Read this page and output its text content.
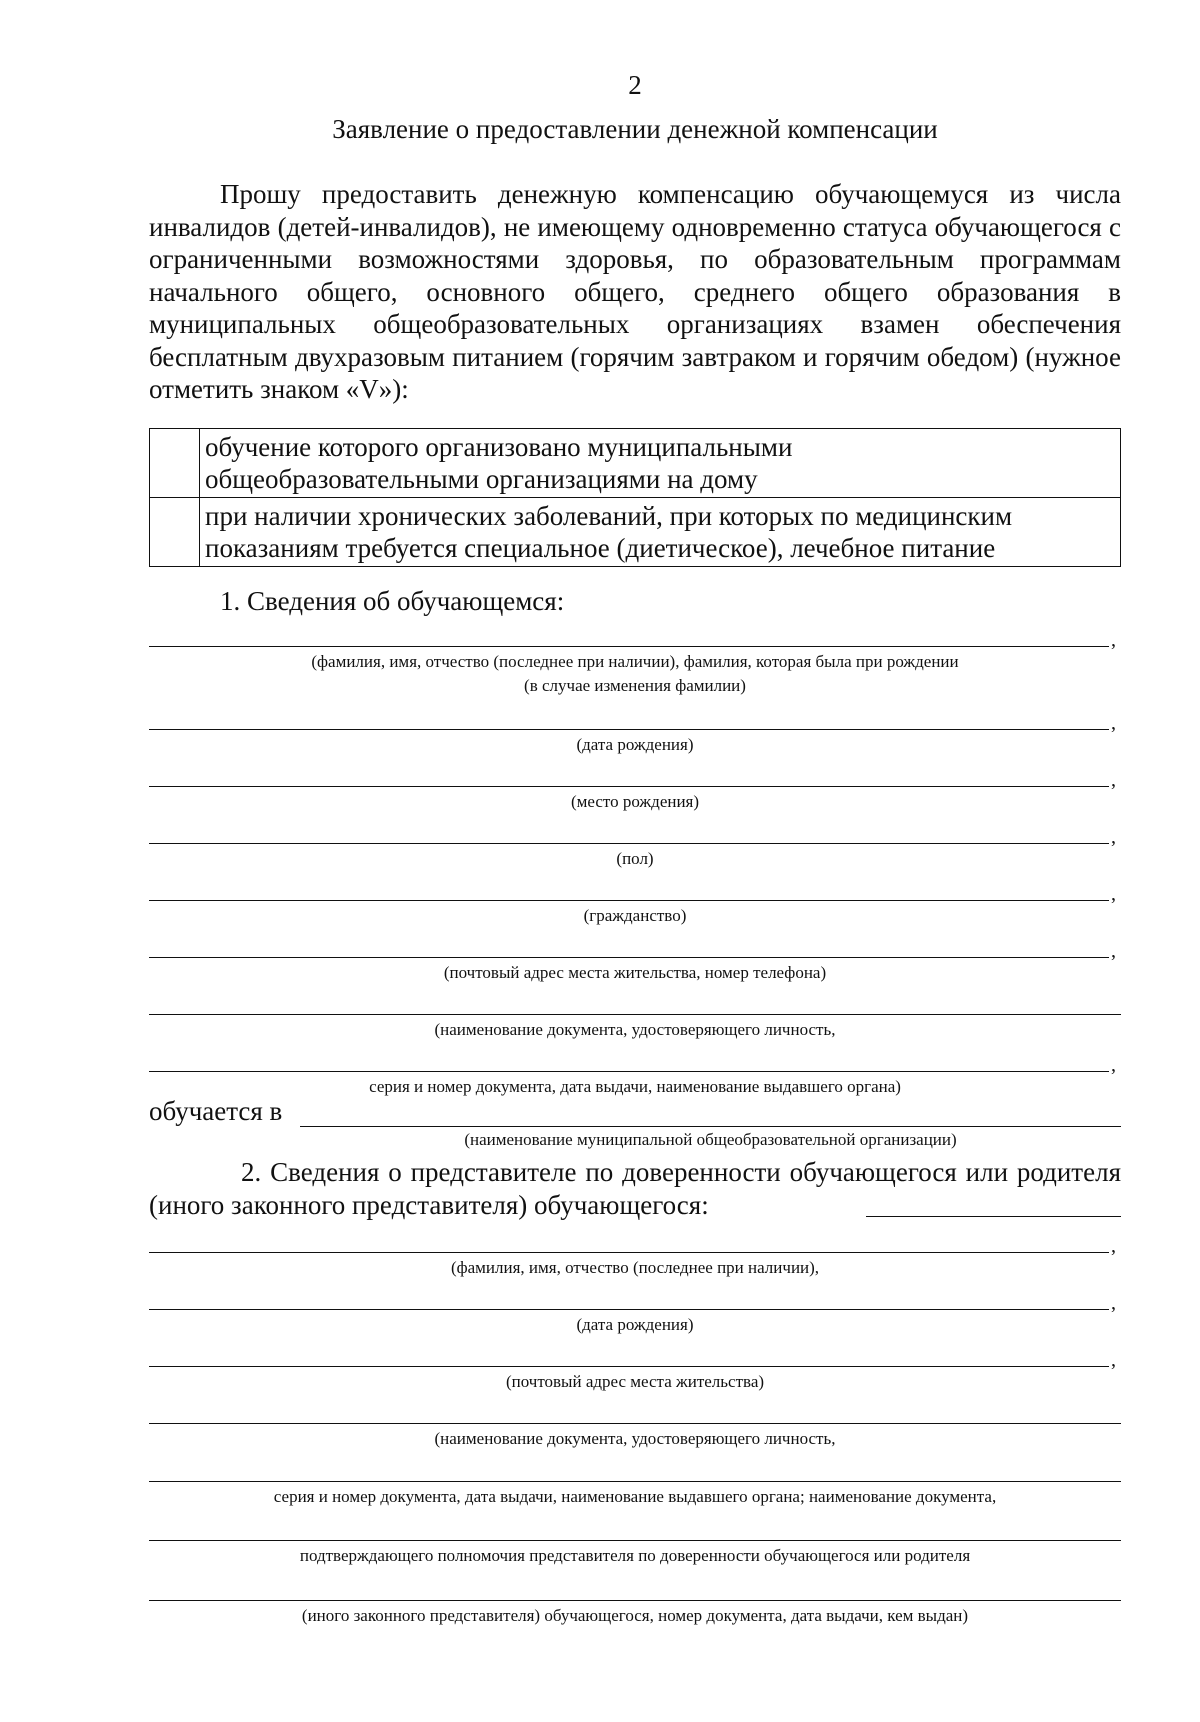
2
Заявление о предоставлении денежной компенсации

Прошу предоставить денежную компенсацию обучающемуся из числа инвалидов (детей-инвалидов), не имеющему одновременно статуса обучающегося с ограниченными возможностями здоровья, по образовательным программам начального общего, основного общего, среднего общего образования в муниципальных общеобразовательных организациях взамен обеспечения бесплатным двухразовым питанием (горячим завтраком и горячим обедом) (нужное отметить знаком «V»):

	обучение которого организовано муниципальными
общеобразовательными организациями на дому

	при наличии хронических заболеваний, при которых по медицинским
показаниям требуется специальное (диетическое), лечебное питание
1. Сведения об обучающемся:
,
(фамилия, имя, отчество (последнее при наличии), фамилия, которая была при рождении
(в случае изменения фамилии)
,
(дата рождения)
,
(место рождения)
,
(пол)
,
(гражданство)
,
(почтовый адрес места жительства, номер телефона)
(наименование документа, удостоверяющего личность,
,
серия и номер документа, дата выдачи, наименование выдавшего органа)
обучается в
(наименование муниципальной общеобразовательной организации)

2. Сведения о представителе по доверенности обучающегося или родителя (иного законного представителя) обучающегося:

,
(фамилия, имя, отчество (последнее при наличии),
,
(дата рождения)
,
(почтовый адрес места жительства)
(наименование документа, удостоверяющего личность,
серия и номер документа, дата выдачи, наименование выдавшего органа; наименование документа,
подтверждающего полномочия представителя по доверенности обучающегося или родителя
(иного законного представителя) обучающегося, номер документа, дата выдачи, кем выдан)
